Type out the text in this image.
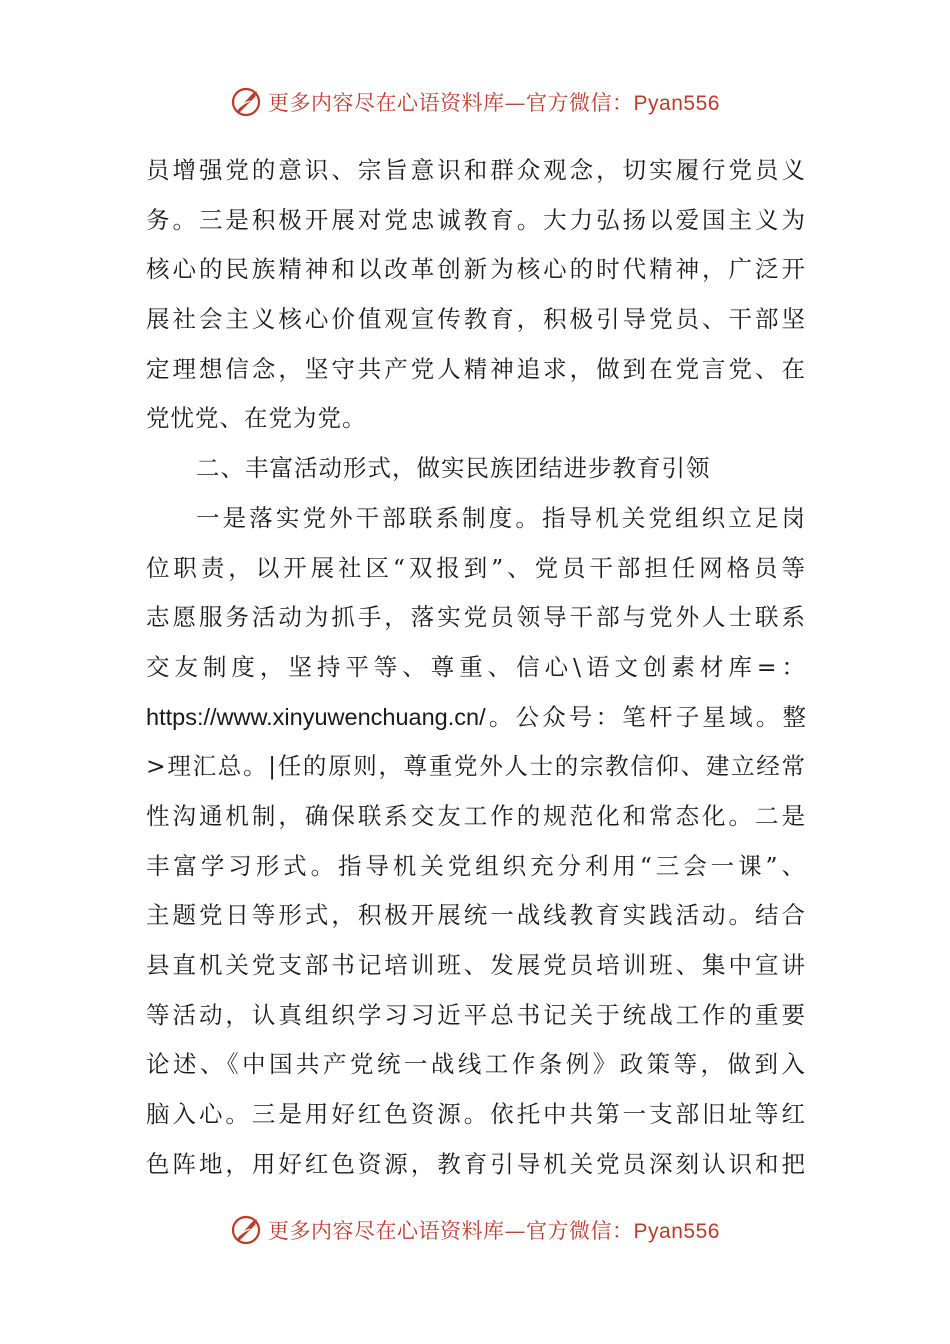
更多内容尽在心语资料库—官方微信：Pyan556
员增强党的意识、宗旨意识和群众观念，切实履行党员义
务。三是积极开展对党忠诚教育。大力弘扬以爱国主义为
核心的民族精神和以改革创新为核心的时代精神，广泛开
展社会主义核心价值观宣传教育，积极引导党员、干部坚
定理想信念，坚守共产党人精神追求，做到在党言党、在
党忧党、在党为党。
二、丰富活动形式，做实民族团结进步教育引领
一是落实党外干部联系制度。指导机关党组织立足岗
位职责，以开展社区“双报到”、党员干部担任网格员等
志愿服务活动为抓手，落实党员领导干部与党外人士联系
交友制度，坚持平等、尊重、信心\语文创素材库=：
https://www.xinyuwenchuang.cn/。公众号：笔杆子星域。整
>理汇总。|任的原则，尊重党外人士的宗教信仰、建立经常
性沟通机制，确保联系交友工作的规范化和常态化。二是
丰富学习形式。指导机关党组织充分利用“三会一课”、
主题党日等形式，积极开展统一战线教育实践活动。结合
县直机关党支部书记培训班、发展党员培训班、集中宣讲
等活动，认真组织学习习近平总书记关于统战工作的重要
论述、《中国共产党统一战线工作条例》政策等，做到入
脑入心。三是用好红色资源。依托中共第一支部旧址等红
色阵地，用好红色资源，教育引导机关党员深刻认识和把
更多内容尽在心语资料库—官方微信：Pyan556
